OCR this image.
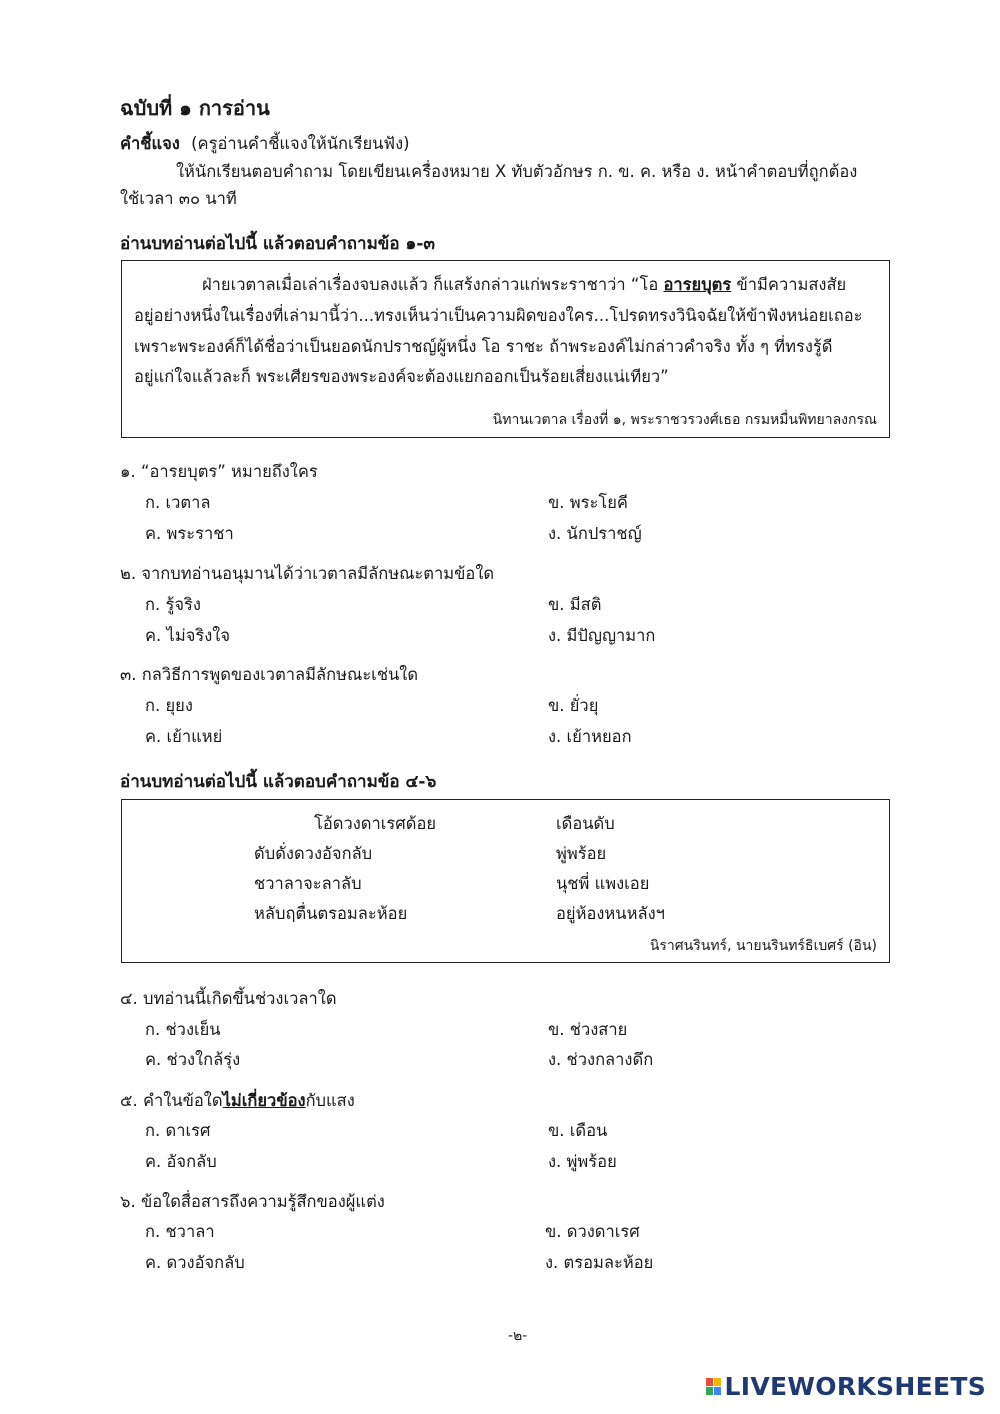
ฉบับที่ ๑ การอ่าน
คำชี้แจง (ครูอ่านคำชี้แจงให้นักเรียนฟัง)
ให้นักเรียนตอบคำถาม โดยเขียนเครื่องหมาย X ทับตัวอักษร ก. ข. ค. หรือ ง. หน้าคำตอบที่ถูกต้อง
ใช้เวลา ๓๐ นาที
อ่านบทอ่านต่อไปนี้ แล้วตอบคำถามข้อ ๑-๓
ฝ่ายเวตาลเมื่อเล่าเรื่องจบลงแล้ว ก็แสร้งกล่าวแก่พระราชาว่า “โอ อารยบุตร ข้ามีความสงสัย
อยู่อย่างหนึ่งในเรื่องที่เล่ามานี้ว่า...ทรงเห็นว่าเป็นความผิดของใคร...โปรดทรงวินิจฉัยให้ข้าฟังหน่อยเถอะ
เพราะพระองค์ก็ได้ชื่อว่าเป็นยอดนักปราชญ์ผู้หนึ่ง โอ ราชะ ถ้าพระองค์ไม่กล่าวคำจริง ทั้ง ๆ ที่ทรงรู้ดี
อยู่แก่ใจแล้วละก็ พระเศียรของพระองค์จะต้องแยกออกเป็นร้อยเสี่ยงแน่เทียว”
นิทานเวตาล เรื่องที่ ๑, พระราชวรวงศ์เธอ กรมหมื่นพิทยาลงกรณ
๑. “อารยบุตร” หมายถึงใคร
ก. เวตาล	ข. พระโยคี
ค. พระราชา	ง. นักปราชญ์
๒. จากบทอ่านอนุมานได้ว่าเวตาลมีลักษณะตามข้อใด
ก. รู้จริง	ข. มีสติ
ค. ไม่จริงใจ	ง. มีปัญญามาก
๓. กลวิธีการพูดของเวตาลมีลักษณะเช่นใด
ก. ยุยง	ข. ยั่วยุ
ค. เย้าแหย่	ง. เย้าหยอก
อ่านบทอ่านต่อไปนี้ แล้วตอบคำถามข้อ ๔-๖
โอ้ดวงดาเรศด้อย	เดือนดับ
ดับดั่งดวงอัจกลับ	พู่พร้อย
ชวาลาจะลาลับ	นุชพี่ แพงเอย
หลับฤตื่นตรอมละห้อย	อยู่ห้องหนหลังฯ
นิราศนรินทร์, นายนรินทร์ธิเบศร์ (อิน)
๔. บทอ่านนี้เกิดขึ้นช่วงเวลาใด
ก. ช่วงเย็น	ข. ช่วงสาย
ค. ช่วงใกล้รุ่ง	ง. ช่วงกลางดึก
๕. คำในข้อใดไม่เกี่ยวข้องกับแสง
ก. ดาเรศ	ข. เดือน
ค. อัจกลับ	ง. พู่พร้อย
๖. ข้อใดสื่อสารถึงความรู้สึกของผู้แต่ง
ก. ชวาลา	ข. ดวงดาเรศ
ค. ดวงอัจกลับ	ง. ตรอมละห้อย
-๒-
LIVEWORKSHEETS
